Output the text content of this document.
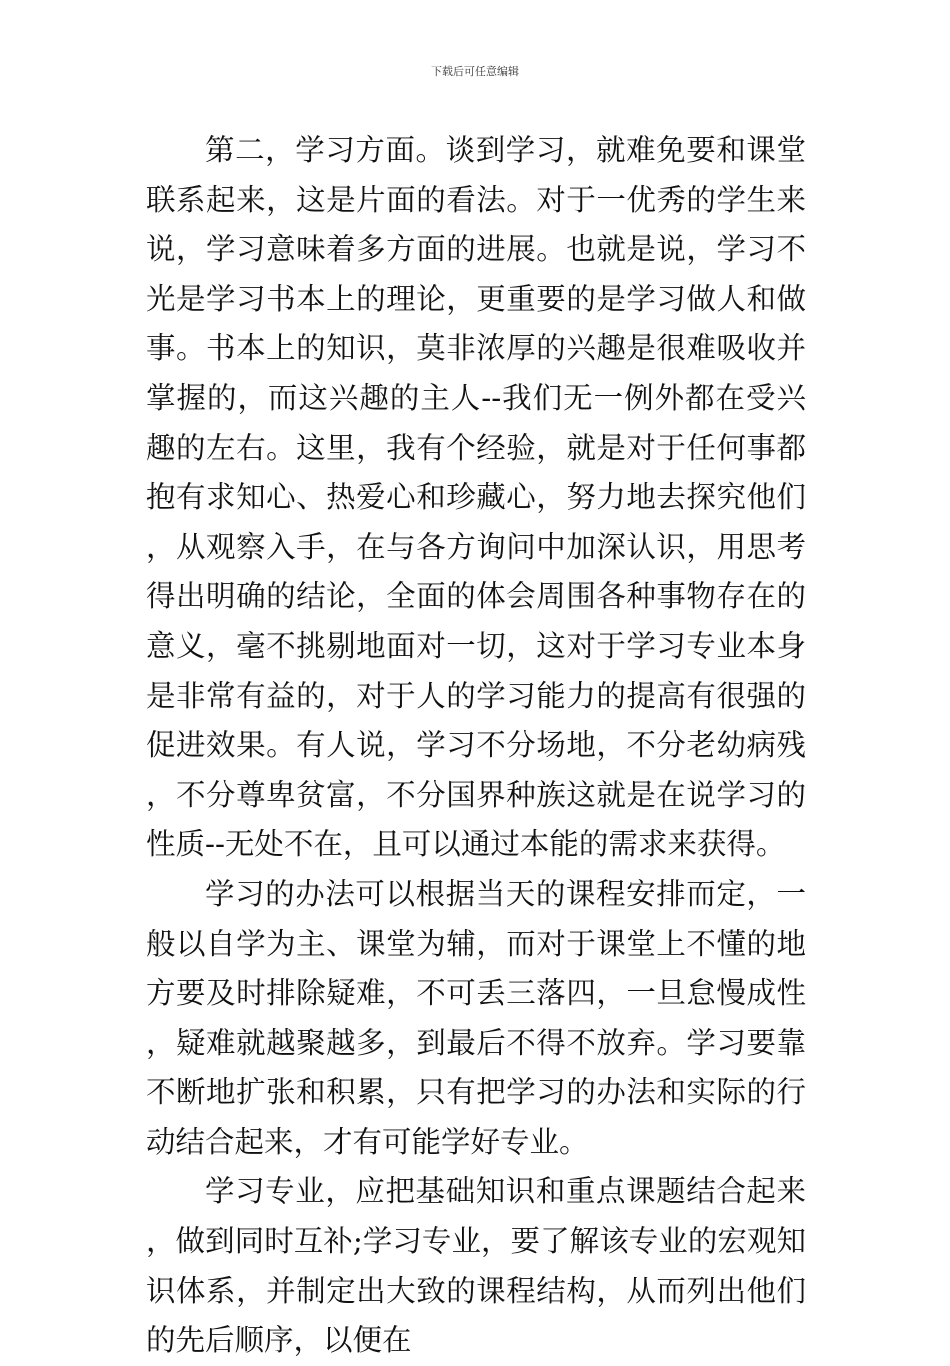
下载后可任意编辑

第二，学习方面。谈到学习，就难免要和课堂联系起来，这是片面的看法。对于一优秀的学生来说，学习意味着多方面的进展。也就是说，学习不光是学习书本上的理论，更重要的是学习做人和做事。书本上的知识，莫非浓厚的兴趣是很难吸收并掌握的，而这兴趣的主人--我们无一例外都在受兴趣的左右。这里，我有个经验，就是对于任何事都抱有求知心、热爱心和珍藏心，努力地去探究他们，从观察入手，在与各方询问中加深认识，用思考得出明确的结论，全面的体会周围各种事物存在的意义，毫不挑剔地面对一切，这对于学习专业本身是非常有益的，对于人的学习能力的提高有很强的促进效果。有人说，学习不分场地，不分老幼病残，不分尊卑贫富，不分国界种族这就是在说学习的性质--无处不在，且可以通过本能的需求来获得。

学习的办法可以根据当天的课程安排而定，一般以自学为主、课堂为辅，而对于课堂上不懂的地方要及时排除疑难，不可丢三落四，一旦怠慢成性，疑难就越聚越多，到最后不得不放弃。学习要靠不断地扩张和积累，只有把学习的办法和实际的行动结合起来，才有可能学好专业。

学习专业，应把基础知识和重点课题结合起来，做到同时互补;学习专业，要了解该专业的宏观知识体系，并制定出大致的课程结构，从而列出他们的先后顺序，以便在
